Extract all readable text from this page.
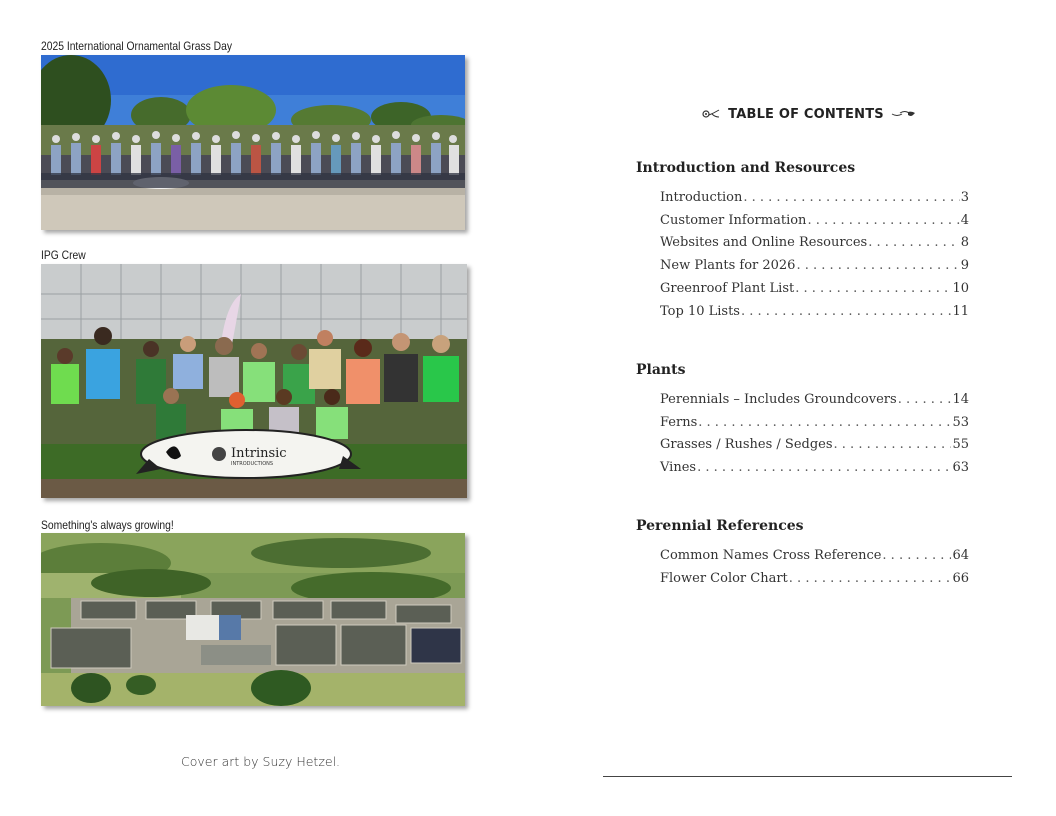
2025 International Ornamental Grass Day
IPG Crew
Intrinsic
INTRODUCTIONS
Something's always growing!
Cover art by Suzy Hetzel.
TABLE OF CONTENTS
Introduction and Resources
Introduction . . .	3
Customer Information . . .	4
Websites and Online Resources . . .	8
New Plants for 2026 . . .	9
Greenroof Plant List . . .	10
Top 10 Lists . . .	11
Plants
Perennials – Includes Groundcovers . . .	14
Ferns . . .	53
Grasses / Rushes / Sedges . . .	55
Vines . . .	63
Perennial References
Common Names Cross Reference . . .	64
Flower Color Chart . . .	66
